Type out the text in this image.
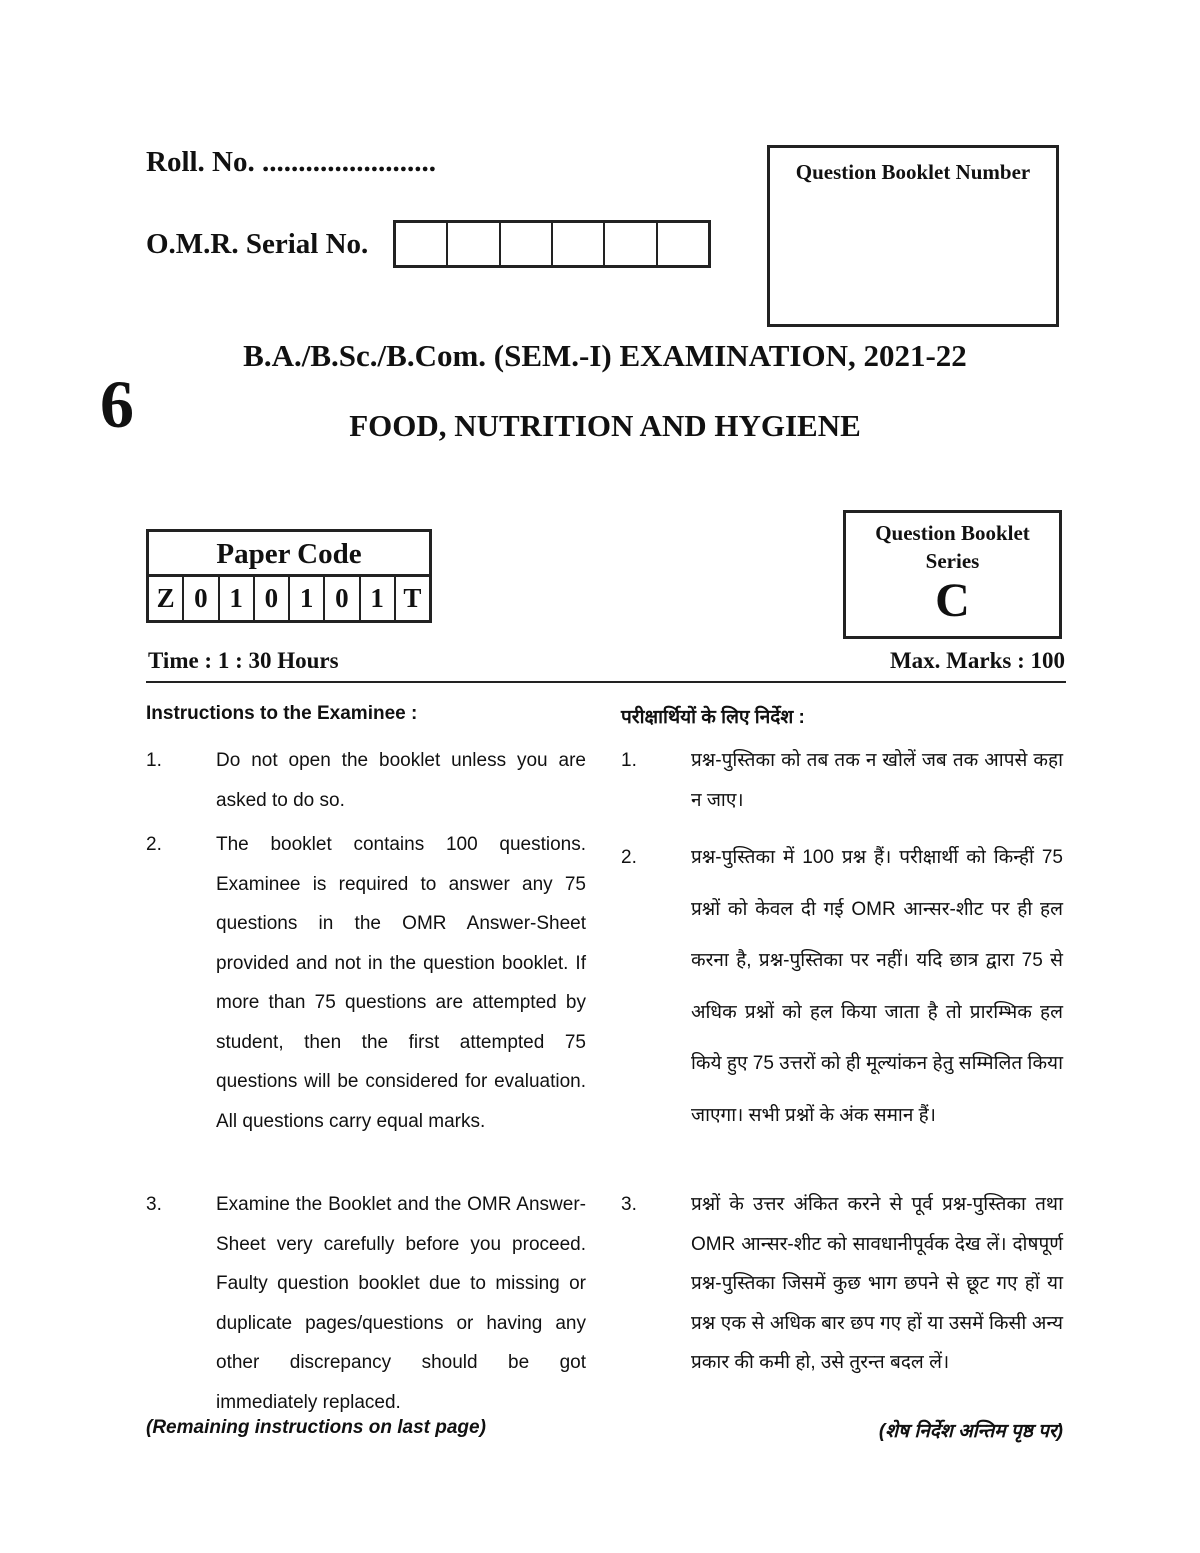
Roll. No. ........................
O.M.R. Serial No.
Question Booklet Number
6
B.A./B.Sc./B.Com. (SEM.-I) EXAMINATION, 2021-22
FOOD, NUTRITION AND HYGIENE
Paper Code
Z 0 1 0 1 0 1 T
Question Booklet Series
C
Time : 1 : 30 Hours	Max. Marks : 100
Instructions to the Examinee :	परीक्षार्थियों के लिए निर्देश :
1.	Do not open the booklet unless you are asked to do so.
2.	The booklet contains 100 questions. Examinee is required to answer any 75 questions in the OMR Answer-Sheet provided and not in the question booklet. If more than 75 questions are attempted by student, then the first attempted 75 questions will be considered for evaluation. All questions carry equal marks.
3.	Examine the Booklet and the OMR Answer-Sheet very carefully before you proceed. Faulty question booklet due to missing or duplicate pages/questions or having any other discrepancy should be got immediately replaced.
1.	प्रश्न-पुस्तिका को तब तक न खोलें जब तक आपसे कहा न जाए।
2.	प्रश्न-पुस्तिका में 100 प्रश्न हैं। परीक्षार्थी को किन्हीं 75 प्रश्नों को केवल दी गई OMR आन्सर-शीट पर ही हल करना है, प्रश्न-पुस्तिका पर नहीं। यदि छात्र द्वारा 75 से अधिक प्रश्नों को हल किया जाता है तो प्रारम्भिक हल किये हुए 75 उत्तरों को ही मूल्यांकन हेतु सम्मिलित किया जाएगा। सभी प्रश्नों के अंक समान हैं।
3.	प्रश्नों के उत्तर अंकित करने से पूर्व प्रश्न-पुस्तिका तथा OMR आन्सर-शीट को सावधानीपूर्वक देख लें। दोषपूर्ण प्रश्न-पुस्तिका जिसमें कुछ भाग छपने से छूट गए हों या प्रश्न एक से अधिक बार छप गए हों या उसमें किसी अन्य प्रकार की कमी हो, उसे तुरन्त बदल लें।
(Remaining instructions on last page)	(शेष निर्देश अन्तिम पृष्ठ पर)
